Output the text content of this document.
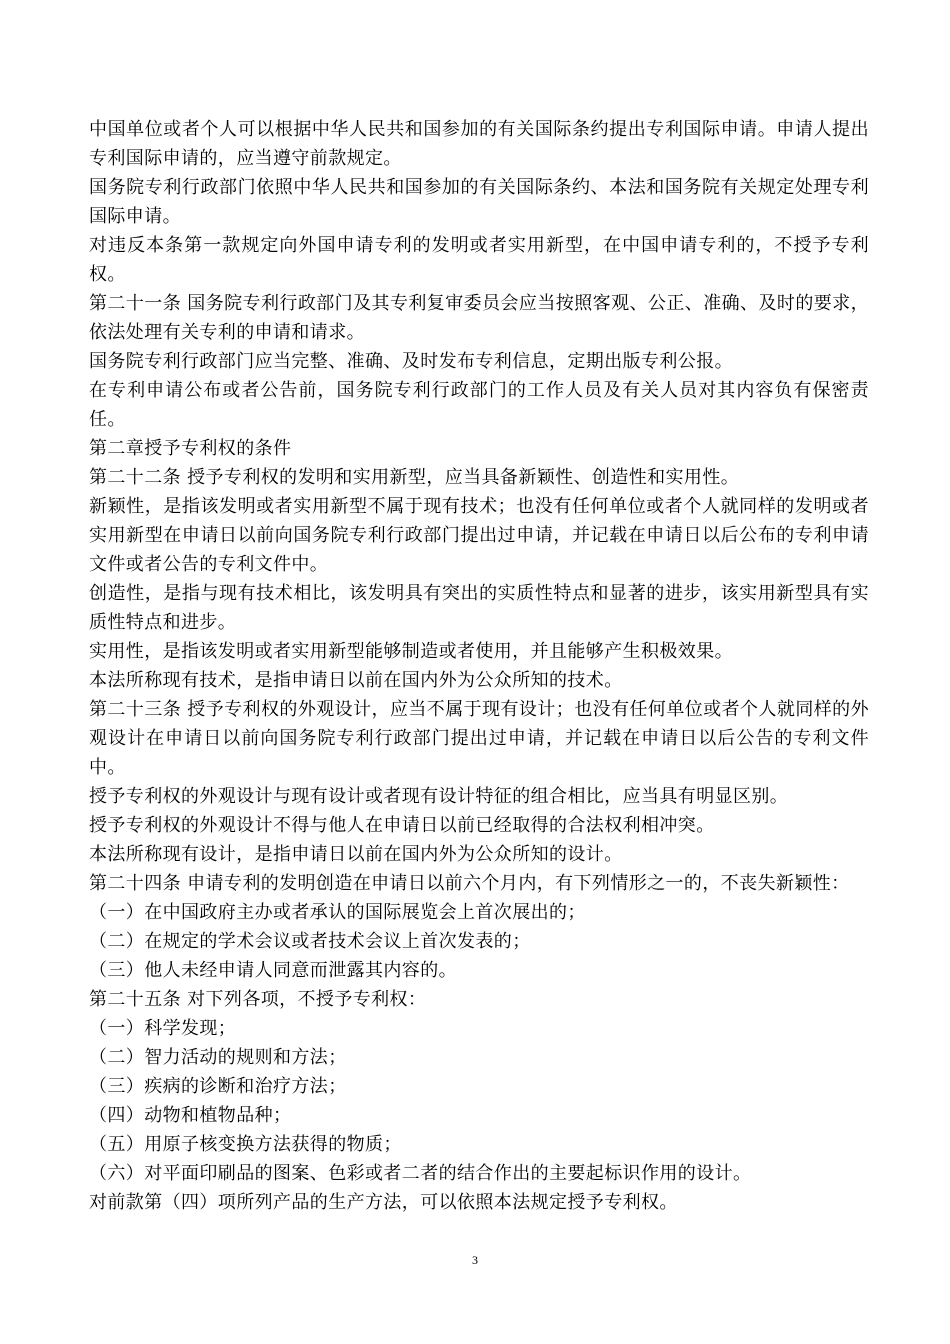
中国单位或者个人可以根据中华人民共和国参加的有关国际条约提出专利国际申请。申请人提出专利国际申请的，应当遵守前款规定。

国务院专利行政部门依照中华人民共和国参加的有关国际条约、本法和国务院有关规定处理专利国际申请。

对违反本条第一款规定向外国申请专利的发明或者实用新型，在中国申请专利的，不授予专利权。

第二十一条 国务院专利行政部门及其专利复审委员会应当按照客观、公正、准确、及时的要求，依法处理有关专利的申请和请求。

国务院专利行政部门应当完整、准确、及时发布专利信息，定期出版专利公报。

在专利申请公布或者公告前，国务院专利行政部门的工作人员及有关人员对其内容负有保密责任。

第二章授予专利权的条件

第二十二条 授予专利权的发明和实用新型，应当具备新颖性、创造性和实用性。

新颖性，是指该发明或者实用新型不属于现有技术；也没有任何单位或者个人就同样的发明或者实用新型在申请日以前向国务院专利行政部门提出过申请，并记载在申请日以后公布的专利申请文件或者公告的专利文件中。

创造性，是指与现有技术相比，该发明具有突出的实质性特点和显著的进步，该实用新型具有实质性特点和进步。

实用性，是指该发明或者实用新型能够制造或者使用，并且能够产生积极效果。

本法所称现有技术，是指申请日以前在国内外为公众所知的技术。

第二十三条 授予专利权的外观设计，应当不属于现有设计；也没有任何单位或者个人就同样的外观设计在申请日以前向国务院专利行政部门提出过申请，并记载在申请日以后公告的专利文件中。

授予专利权的外观设计与现有设计或者现有设计特征的组合相比，应当具有明显区别。

授予专利权的外观设计不得与他人在申请日以前已经取得的合法权利相冲突。

本法所称现有设计，是指申请日以前在国内外为公众所知的设计。

第二十四条 申请专利的发明创造在申请日以前六个月内，有下列情形之一的，不丧失新颖性：

（一）在中国政府主办或者承认的国际展览会上首次展出的；

（二）在规定的学术会议或者技术会议上首次发表的；

（三）他人未经申请人同意而泄露其内容的。

第二十五条 对下列各项，不授予专利权：

（一）科学发现；

（二）智力活动的规则和方法；

（三）疾病的诊断和治疗方法；

（四）动物和植物品种；

（五）用原子核变换方法获得的物质；

（六）对平面印刷品的图案、色彩或者二者的结合作出的主要起标识作用的设计。

对前款第（四）项所列产品的生产方法，可以依照本法规定授予专利权。

3
